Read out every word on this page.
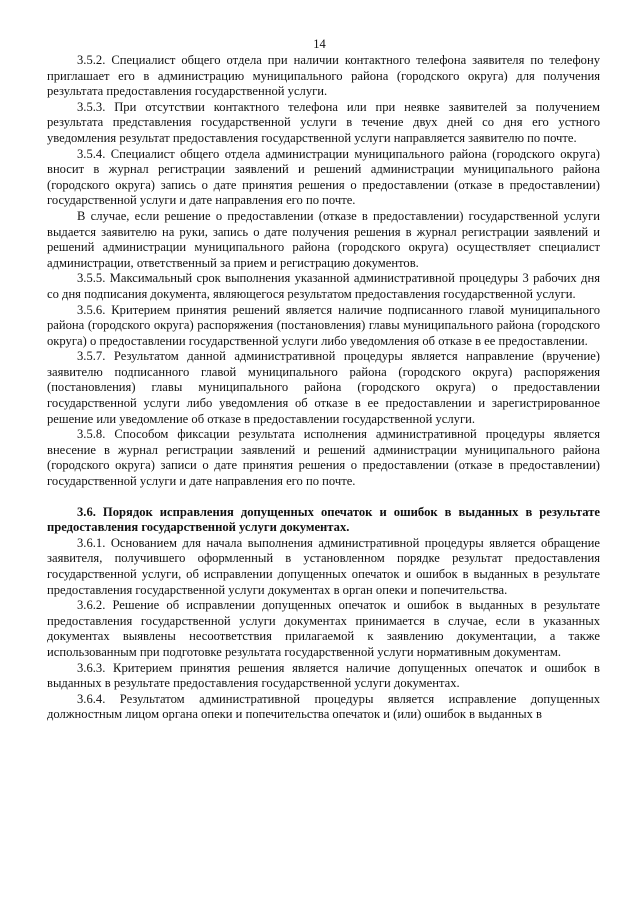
14

3.5.2. Специалист общего отдела при наличии контактного телефона заявителя по телефону приглашает его в администрацию муниципального района (городского округа) для получения результата предоставления государственной услуги.

3.5.3. При отсутствии контактного телефона или при неявке заявителей за получением результата представления государственной услуги в течение двух дней со дня его устного уведомления результат предоставления государственной услуги направляется заявителю по почте.

3.5.4. Специалист общего отдела администрации муниципального района (городского округа) вносит в журнал регистрации заявлений и решений администрации муниципального района (городского округа) запись о дате принятия решения о предоставлении (отказе в предоставлении) государственной услуги и дате направления его по почте.

В случае, если решение о предоставлении (отказе в предоставлении) государственной услуги выдается заявителю на руки, запись о дате получения решения в журнал регистрации заявлений и решений администрации муниципального района (городского округа) осуществляет специалист администрации, ответственный за прием и регистрацию документов.

3.5.5. Максимальный срок выполнения указанной административной процедуры 3 рабочих дня со дня подписания документа, являющегося результатом предоставления государственной услуги.

3.5.6. Критерием принятия решений является наличие подписанного главой муниципального района (городского округа) распоряжения (постановления) главы муниципального района (городского округа) о предоставлении государственной услуги либо уведомления об отказе в ее предоставлении.

3.5.7. Результатом данной административной процедуры является направление (вручение) заявителю подписанного главой муниципального района (городского округа) распоряжения (постановления) главы муниципального района (городского округа) о предоставлении государственной услуги либо уведомления об отказе в ее предоставлении и зарегистрированное решение или уведомление об отказе в предоставлении государственной услуги.

3.5.8. Способом фиксации результата исполнения административной процедуры является внесение в журнал регистрации заявлений и решений администрации муниципального района (городского округа) записи о дате принятия решения о предоставлении (отказе в предоставлении) государственной услуги и дате направления его по почте.

3.6. Порядок исправления допущенных опечаток и ошибок в выданных в результате предоставления государственной услуги документах.

3.6.1. Основанием для начала выполнения административной процедуры является обращение заявителя, получившего оформленный в установленном порядке результат предоставления государственной услуги, об исправлении допущенных опечаток и ошибок в выданных в результате предоставления государственной услуги документах в орган опеки и попечительства.

3.6.2. Решение об исправлении допущенных опечаток и ошибок в выданных в результате предоставления государственной услуги документах принимается в случае, если в указанных документах выявлены несоответствия прилагаемой к заявлению документации, а также использованным при подготовке результата государственной услуги нормативным документам.

3.6.3. Критерием принятия решения является наличие допущенных опечаток и ошибок в выданных в результате предоставления государственной услуги документах.

3.6.4. Результатом административной процедуры является исправление допущенных должностным лицом органа опеки и попечительства опечаток и (или) ошибок в выданных в
